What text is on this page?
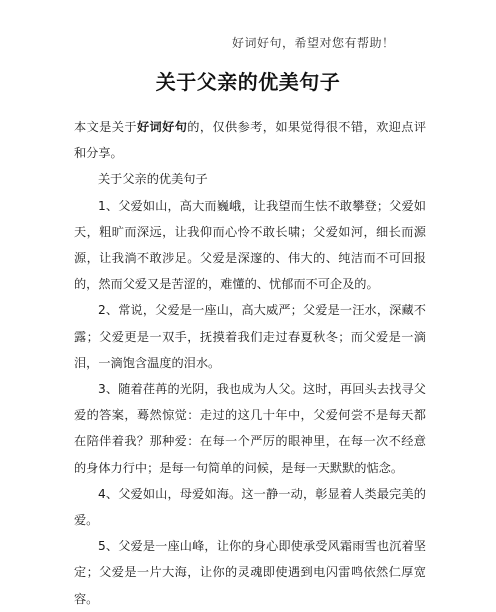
好词好句，希望对您有帮助！
关于父亲的优美句子

本文是关于好词好句的，仅供参考，如果觉得很不错，欢迎点评和分享。

关于父亲的优美句子

1、父爱如山，高大而巍峨，让我望而生怯不敢攀登；父爱如天，粗旷而深远，让我仰而心怜不敢长啸；父爱如河，细长而源源，让我淌不敢涉足。父爱是深邃的、伟大的、纯洁而不可回报的，然而父爱又是苦涩的，难懂的、忧郁而不可企及的。

2、常说，父爱是一座山，高大威严；父爱是一汪水，深藏不露；父爱更是一双手，抚摸着我们走过春夏秋冬；而父爱是一滴泪，一滴饱含温度的泪水。

3、随着荏苒的光阴，我也成为人父。这时，再回头去找寻父爱的答案，蓦然惊觉：走过的这几十年中，父爱何尝不是每天都在陪伴着我？那种爱：在每一个严厉的眼神里，在每一次不经意的身体力行中；是每一句简单的问候，是每一天默默的惦念。

4、父爱如山，母爱如海。这一静一动，彰显着人类最完美的爱。

5、父爱是一座山峰，让你的身心即使承受风霜雨雪也沉着坚定；父爱是一片大海，让你的灵魂即使遇到电闪雷鸣依然仁厚宽容。
